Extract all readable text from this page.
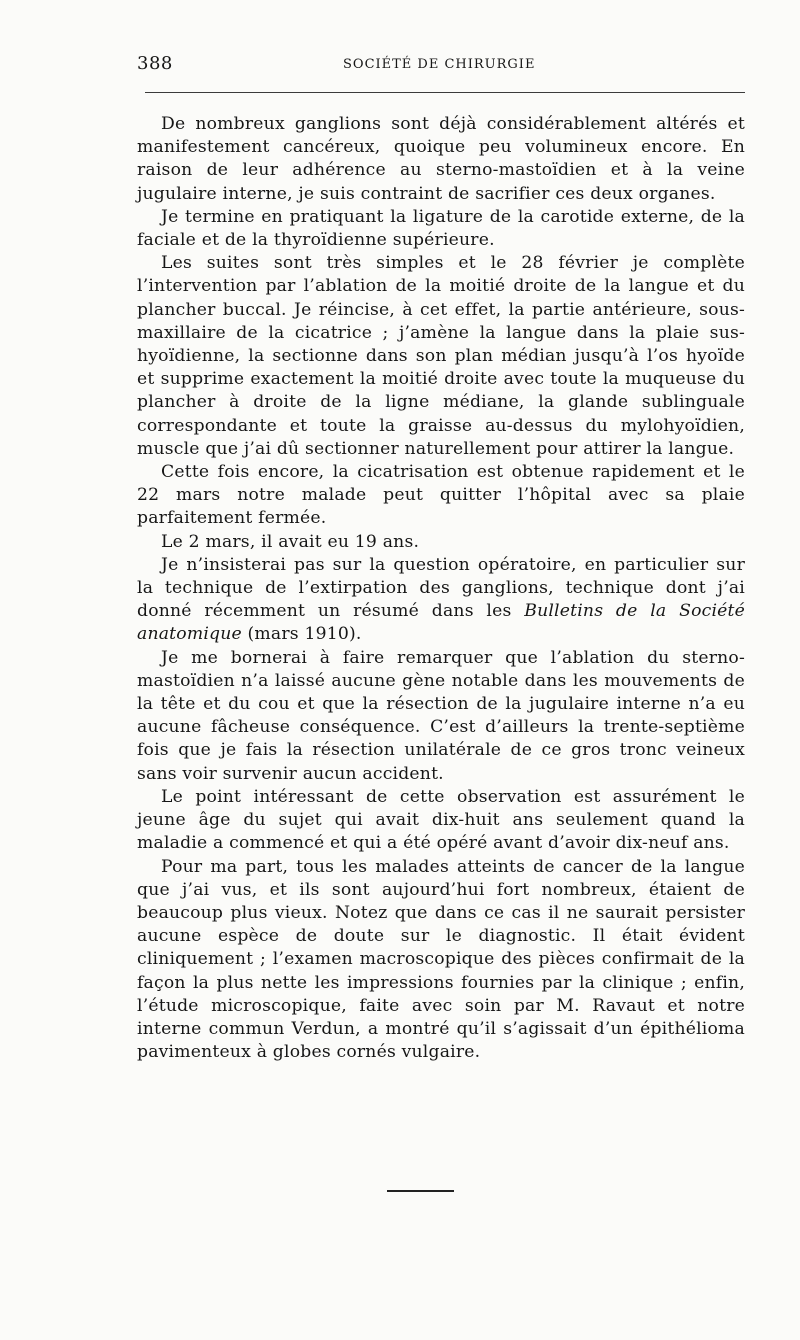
388	SOCIÉTÉ DE CHIRURGIE

De nombreux ganglions sont déjà considérablement altérés et manifestement cancéreux, quoique peu volumineux encore. En raison de leur adhérence au sterno-mastoïdien et à la veine jugulaire interne, je suis contraint de sacrifier ces deux organes.

Je termine en pratiquant la ligature de la carotide externe, de la faciale et de la thyroïdienne supérieure.

Les suites sont très simples et le 28 février je complète l’intervention par l’ablation de la moitié droite de la langue et du plancher buccal. Je réincise, à cet effet, la partie antérieure, sous-maxillaire de la cicatrice ; j’amène la langue dans la plaie sus-hyoïdienne, la sectionne dans son plan médian jusqu’à l’os hyoïde et supprime exactement la moitié droite avec toute la muqueuse du plancher à droite de la ligne médiane, la glande sublinguale correspondante et toute la graisse au-dessus du mylohyoïdien, muscle que j’ai dû sectionner naturellement pour attirer la langue.

Cette fois encore, la cicatrisation est obtenue rapidement et le 22 mars notre malade peut quitter l’hôpital avec sa plaie parfaitement fermée.

Le 2 mars, il avait eu 19 ans.

Je n’insisterai pas sur la question opératoire, en particulier sur la technique de l’extirpation des ganglions, technique dont j’ai donné récemment un résumé dans les Bulletins de la Société anatomique (mars 1910).

Je me bornerai à faire remarquer que l’ablation du sterno-mastoïdien n’a laissé aucune gène notable dans les mouvements de la tête et du cou et que la résection de la jugulaire interne n’a eu aucune fâcheuse conséquence. C’est d’ailleurs la trente-septième fois que je fais la résection unilatérale de ce gros tronc veineux sans voir survenir aucun accident.

Le point intéressant de cette observation est assurément le jeune âge du sujet qui avait dix-huit ans seulement quand la maladie a commencé et qui a été opéré avant d’avoir dix-neuf ans.

Pour ma part, tous les malades atteints de cancer de la langue que j’ai vus, et ils sont aujourd’hui fort nombreux, étaient de beaucoup plus vieux. Notez que dans ce cas il ne saurait persister aucune espèce de doute sur le diagnostic. Il était évident cliniquement ; l’examen macroscopique des pièces confirmait de la façon la plus nette les impressions fournies par la clinique ; enfin, l’étude microscopique, faite avec soin par M. Ravaut et notre interne commun Verdun, a montré qu’il s’agissait d’un épithélioma pavimenteux à globes cornés vulgaire.
